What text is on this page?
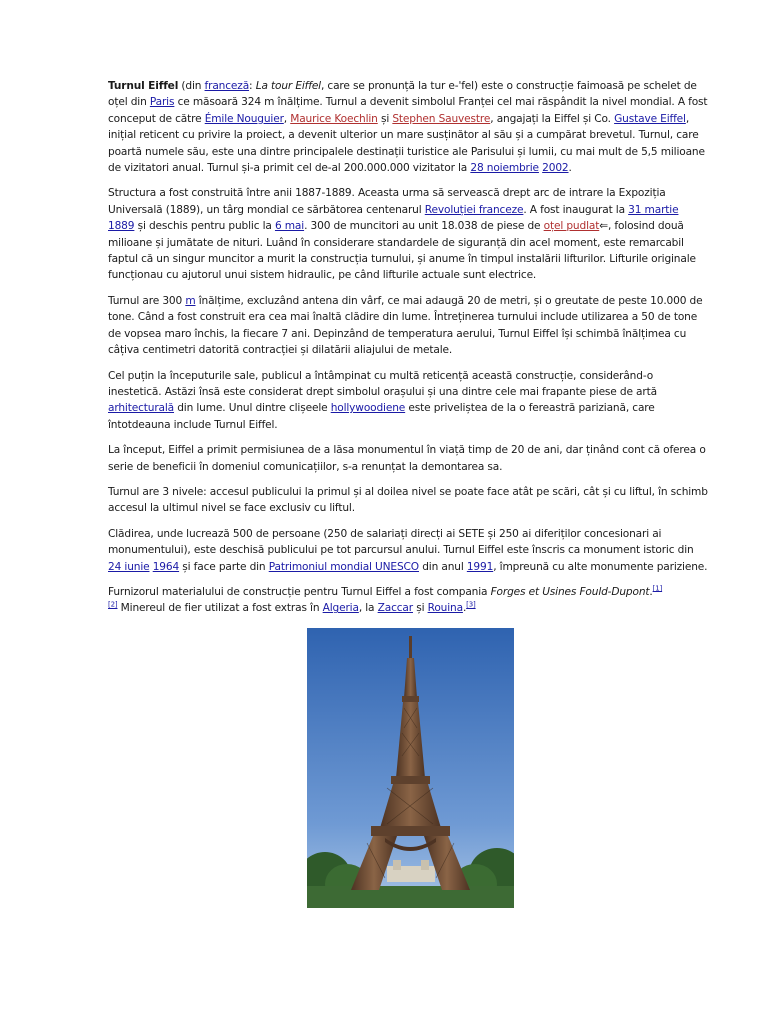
Turnul Eiffel (din franceză: La tour Eiffel, care se pronunță la tur e-'fel) este o construcție faimoasă pe schelet de oțel din Paris ce măsoară 324 m înălțime. Turnul a devenit simbolul Franței cel mai răspândit la nivel mondial. A fost conceput de către Émile Nouguier, Maurice Koechlin și Stephen Sauvestre, angajați la Eiffel și Co. Gustave Eiffel, inițial reticent cu privire la proiect, a devenit ulterior un mare susținător al său și a cumpărat brevetul. Turnul, care poartă numele său, este una dintre principalele destinații turistice ale Parisului și lumii, cu mai mult de 5,5 milioane de vizitatori anual. Turnul și-a primit cel de-al 200.000.000 vizitator la 28 noiembrie 2002.

Structura a fost construită între anii 1887-1889. Aceasta urma să servească drept arc de intrare la Expoziția Universală (1889), un târg mondial ce sărbătorea centenarul Revoluției franceze. A fost inaugurat la 31 martie 1889 și deschis pentru public la 6 mai. 300 de muncitori au unit 18.038 de piese de oțel pudlat⇐, folosind două milioane și jumătate de nituri. Luând în considerare standardele de siguranță din acel moment, este remarcabil faptul că un singur muncitor a murit la construcția turnului, și anume în timpul instalării lifturilor. Lifturile originale funcționau cu ajutorul unui sistem hidraulic, pe când lifturile actuale sunt electrice.

Turnul are 300 m înălțime, excluzând antena din vârf, ce mai adaugă 20 de metri, și o greutate de peste 10.000 de tone. Când a fost construit era cea mai înaltă clădire din lume. Întreținerea turnului include utilizarea a 50 de tone de vopsea maro închis, la fiecare 7 ani. Depinzând de temperatura aerului, Turnul Eiffel își schimbă înălțimea cu câțiva centimetri datorită contracției și dilatării aliajului de metale.

Cel puțin la începuturile sale, publicul a întâmpinat cu multă reticență această construcție, considerând-o inestetică. Astăzi însă este considerat drept simbolul orașului și una dintre cele mai frapante piese de artă arhitecturală din lume. Unul dintre clișeele hollywoodiene este priveliștea de la o fereastră pariziană, care întotdeauna include Turnul Eiffel.

La început, Eiffel a primit permisiunea de a lăsa monumentul în viață timp de 20 de ani, dar ținând cont că oferea o serie de beneficii în domeniul comunicațiilor, s-a renunțat la demontarea sa.

Turnul are 3 nivele: accesul publicului la primul și al doilea nivel se poate face atât pe scări, cât și cu liftul, în schimb accesul la ultimul nivel se face exclusiv cu liftul.

Clădirea, unde lucrează 500 de persoane (250 de salariați direcți ai SETE și 250 ai diferiților concesionari ai monumentului), este deschisă publicului pe tot parcursul anului. Turnul Eiffel este înscris ca monument istoric din 24 iunie 1964 și face parte din Patrimoniul mondial UNESCO din anul 1991, împreună cu alte monumente pariziene.

Furnizorul materialului de construcție pentru Turnul Eiffel a fost compania Forges et Usines Fould-Dupont.[1]
[2] Minereul de fier utilizat a fost extras în Algeria, la Zaccar și Rouina.[3]
